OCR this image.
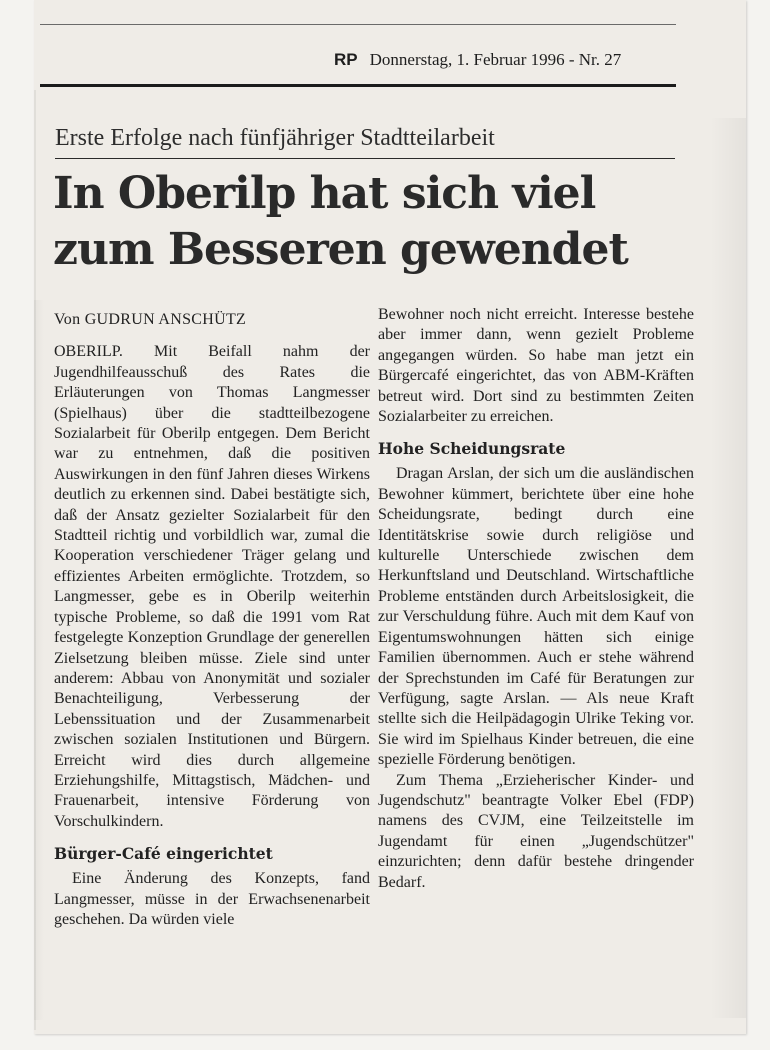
RP Donnerstag, 1. Februar 1996 - Nr. 27
Erste Erfolge nach fünfjähriger Stadtteilarbeit
In Oberilp hat sich viel
zum Besseren gewendet
Von GUDRUN ANSCHÜTZ

OBERILP. Mit Beifall nahm der Jugendhilfeausschuß des Rates die Erläuterungen von Thomas Langmesser (Spielhaus) über die stadtteilbezogene Sozialarbeit für Oberilp entgegen. Dem Bericht war zu entnehmen, daß die positiven Auswirkungen in den fünf Jahren dieses Wirkens deutlich zu erkennen sind. Dabei bestätigte sich, daß der Ansatz gezielter Sozialarbeit für den Stadtteil richtig und vorbildlich war, zumal die Kooperation verschiedener Träger gelang und effizientes Arbeiten ermöglichte. Trotzdem, so Langmesser, gebe es in Oberilp weiterhin typische Probleme, so daß die 1991 vom Rat festgelegte Konzeption Grundlage der generellen Zielsetzung bleiben müsse. Ziele sind unter anderem: Abbau von Anonymität und sozialer Benachteiligung, Verbesserung der Lebenssituation und der Zusammenarbeit zwischen sozialen Institutionen und Bürgern. Erreicht wird dies durch allgemeine Erziehungshilfe, Mittagstisch, Mädchen- und Frauenarbeit, intensive Förderung von Vorschulkindern.

Bürger-Café eingerichtet

Eine Änderung des Konzepts, fand Langmesser, müsse in der Erwachsenenarbeit geschehen. Da würden viele

Bewohner noch nicht erreicht. Interesse bestehe aber immer dann, wenn gezielt Probleme angegangen würden. So habe man jetzt ein Bürgercafé eingerichtet, das von ABM-Kräften betreut wird. Dort sind zu bestimmten Zeiten Sozialarbeiter zu erreichen.

Hohe Scheidungsrate

Dragan Arslan, der sich um die ausländischen Bewohner kümmert, berichtete über eine hohe Scheidungsrate, bedingt durch eine Identitätskrise sowie durch religiöse und kulturelle Unterschiede zwischen dem Herkunftsland und Deutschland. Wirtschaftliche Probleme entständen durch Arbeitslosigkeit, die zur Verschuldung führe. Auch mit dem Kauf von Eigentumswohnungen hätten sich einige Familien übernommen. Auch er stehe während der Sprechstunden im Café für Beratungen zur Verfügung, sagte Arslan. — Als neue Kraft stellte sich die Heilpädagogin Ulrike Teking vor. Sie wird im Spielhaus Kinder betreuen, die eine spezielle Förderung benötigen.

Zum Thema „Erzieherischer Kinder- und Jugendschutz" beantragte Volker Ebel (FDP) namens des CVJM, eine Teilzeitstelle im Jugendamt für einen „Jugendschützer" einzurichten; denn dafür bestehe dringender Bedarf.
